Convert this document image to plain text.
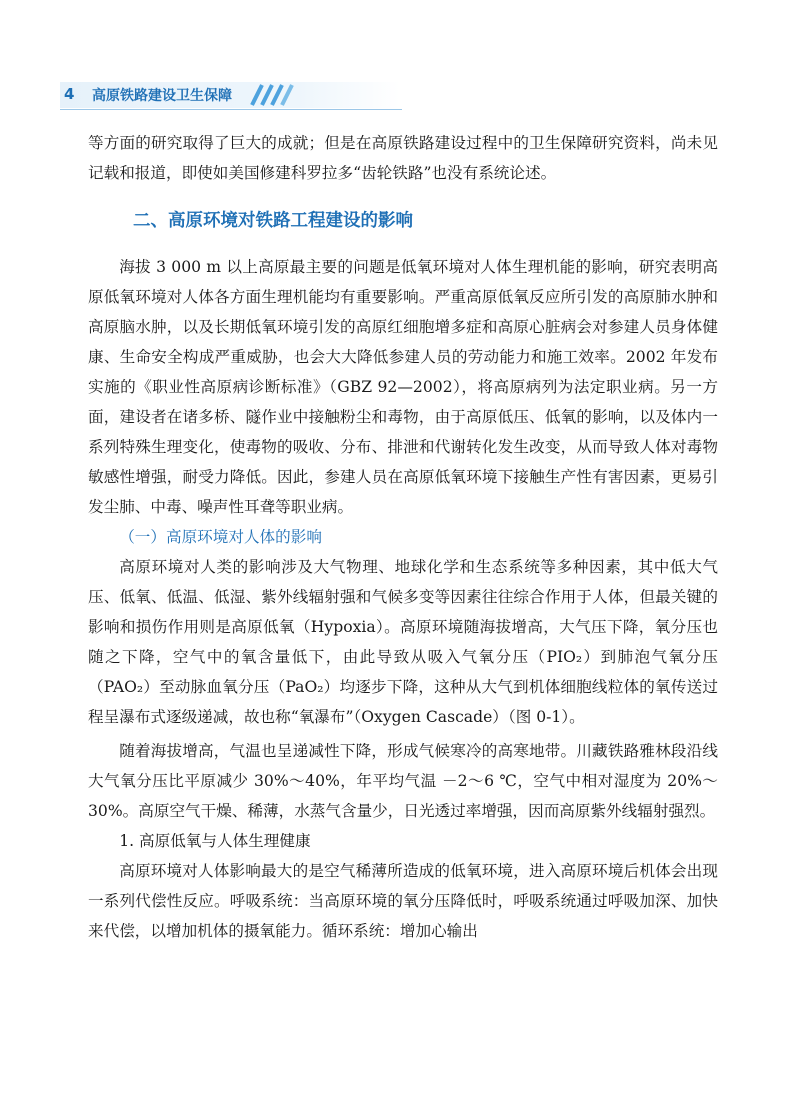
4 高原铁路建设卫生保障

等方面的研究取得了巨大的成就；但是在高原铁路建设过程中的卫生保障研究资料，尚未见记载和报道，即使如美国修建科罗拉多“齿轮铁路”也没有系统论述。

二、高原环境对铁路工程建设的影响

海拔 3 000 m 以上高原最主要的问题是低氧环境对人体生理机能的影响，研究表明高原低氧环境对人体各方面生理机能均有重要影响。严重高原低氧反应所引发的高原肺水肿和高原脑水肿，以及长期低氧环境引发的高原红细胞增多症和高原心脏病会对参建人员身体健康、生命安全构成严重威胁，也会大大降低参建人员的劳动能力和施工效率。2002 年发布实施的《职业性高原病诊断标准》（GBZ 92—2002），将高原病列为法定职业病。另一方面，建设者在诸多桥、隧作业中接触粉尘和毒物，由于高原低压、低氧的影响，以及体内一系列特殊生理变化，使毒物的吸收、分布、排泄和代谢转化发生改变，从而导致人体对毒物敏感性增强，耐受力降低。因此，参建人员在高原低氧环境下接触生产性有害因素，更易引发尘肺、中毒、噪声性耳聋等职业病。

（一）高原环境对人体的影响

高原环境对人类的影响涉及大气物理、地球化学和生态系统等多种因素，其中低大气压、低氧、低温、低湿、紫外线辐射强和气候多变等因素往往综合作用于人体，但最关键的影响和损伤作用则是高原低氧（Hypoxia）。高原环境随海拔增高，大气压下降，氧分压也随之下降，空气中的氧含量低下，由此导致从吸入气氧分压（PIO₂）到肺泡气氧分压（PAO₂）至动脉血氧分压（PaO₂）均逐步下降，这种从大气到机体细胞线粒体的氧传送过程呈瀑布式逐级递减，故也称“氧瀑布”（Oxygen Cascade）（图 0-1）。

随着海拔增高，气温也呈递减性下降，形成气候寒冷的高寒地带。川藏铁路雅林段沿线大气氧分压比平原减少 30%～40%，年平均气温 －2～6 ℃，空气中相对湿度为 20%～30%。高原空气干燥、稀薄，水蒸气含量少，日光透过率增强，因而高原紫外线辐射强烈。

1. 高原低氧与人体生理健康

高原环境对人体影响最大的是空气稀薄所造成的低氧环境，进入高原环境后机体会出现一系列代偿性反应。呼吸系统：当高原环境的氧分压降低时，呼吸系统通过呼吸加深、加快来代偿，以增加机体的摄氧能力。循环系统：增加心输出
